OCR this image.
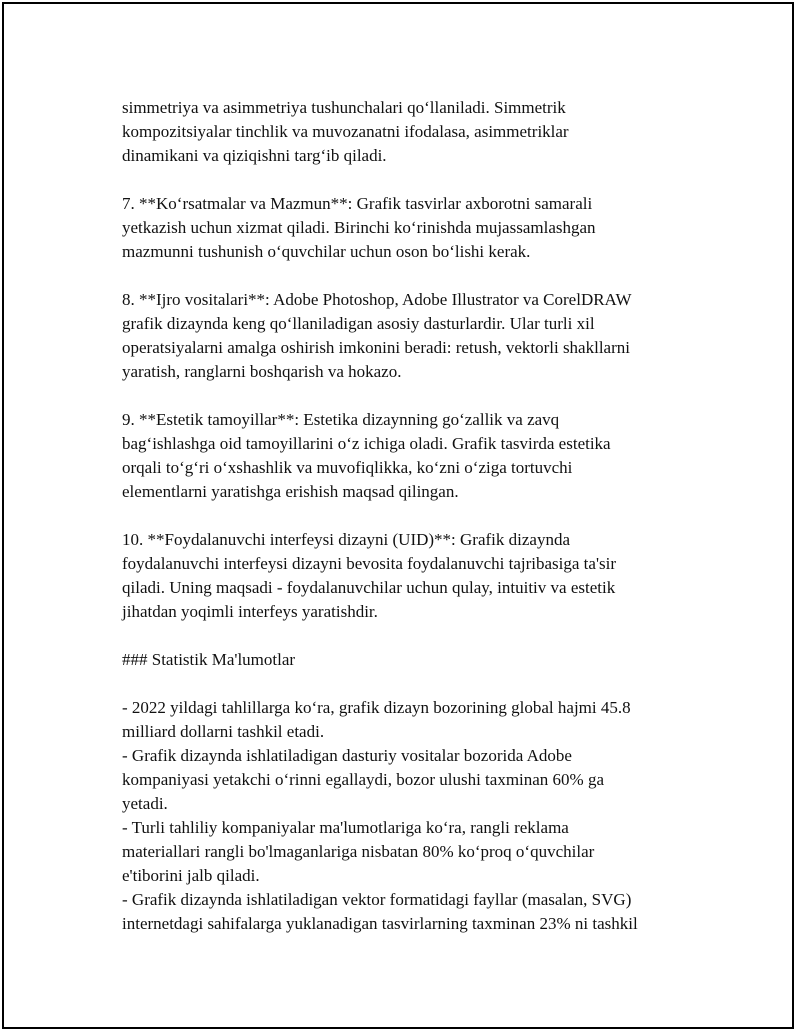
simmetriya va asimmetriya tushunchalari qo‘llaniladi. Simmetrik
kompozitsiyalar tinchlik va muvozanatni ifodalasa, asimmetriklar
dinamikani va qiziqishni targ‘ib qiladi.
7. **Ko‘rsatmalar va Mazmun**: Grafik tasvirlar axborotni samarali
yetkazish uchun xizmat qiladi. Birinchi ko‘rinishda mujassamlashgan
mazmunni tushunish o‘quvchilar uchun oson bo‘lishi kerak.
8. **Ijro vositalari**: Adobe Photoshop, Adobe Illustrator va CorelDRAW
grafik dizaynda keng qo‘llaniladigan asosiy dasturlardir. Ular turli xil
operatsiyalarni amalga oshirish imkonini beradi: retush, vektorli shakllarni
yaratish, ranglarni boshqarish va hokazo.
9. **Estetik tamoyillar**: Estetika dizaynning go‘zallik va zavq
bag‘ishlashga oid tamoyillarini o‘z ichiga oladi. Grafik tasvirda estetika
orqali to‘g‘ri o‘xshashlik va muvofiqlikka, ko‘zni o‘ziga tortuvchi
elementlarni yaratishga erishish maqsad qilingan.
10. **Foydalanuvchi interfeysi dizayni (UID)**: Grafik dizaynda
foydalanuvchi interfeysi dizayni bevosita foydalanuvchi tajribasiga ta'sir
qiladi. Uning maqsadi - foydalanuvchilar uchun qulay, intuitiv va estetik
jihatdan yoqimli interfeys yaratishdir.
### Statistik Ma'lumotlar
- 2022 yildagi tahlillarga ko‘ra, grafik dizayn bozorining global hajmi 45.8
milliard dollarni tashkil etadi.
- Grafik dizaynda ishlatiladigan dasturiy vositalar bozorida Adobe
kompaniyasi yetakchi o‘rinni egallaydi, bozor ulushi taxminan 60% ga
yetadi.
- Turli tahliliy kompaniyalar ma'lumotlariga ko‘ra, rangli reklama
materiallari rangli bo'lmaganlariga nisbatan 80% ko‘proq o‘quvchilar
e'tiborini jalb qiladi.
- Grafik dizaynda ishlatiladigan vektor formatidagi fayllar (masalan, SVG)
internetdagi sahifalarga yuklanadigan tasvirlarning taxminan 23% ni tashkil
